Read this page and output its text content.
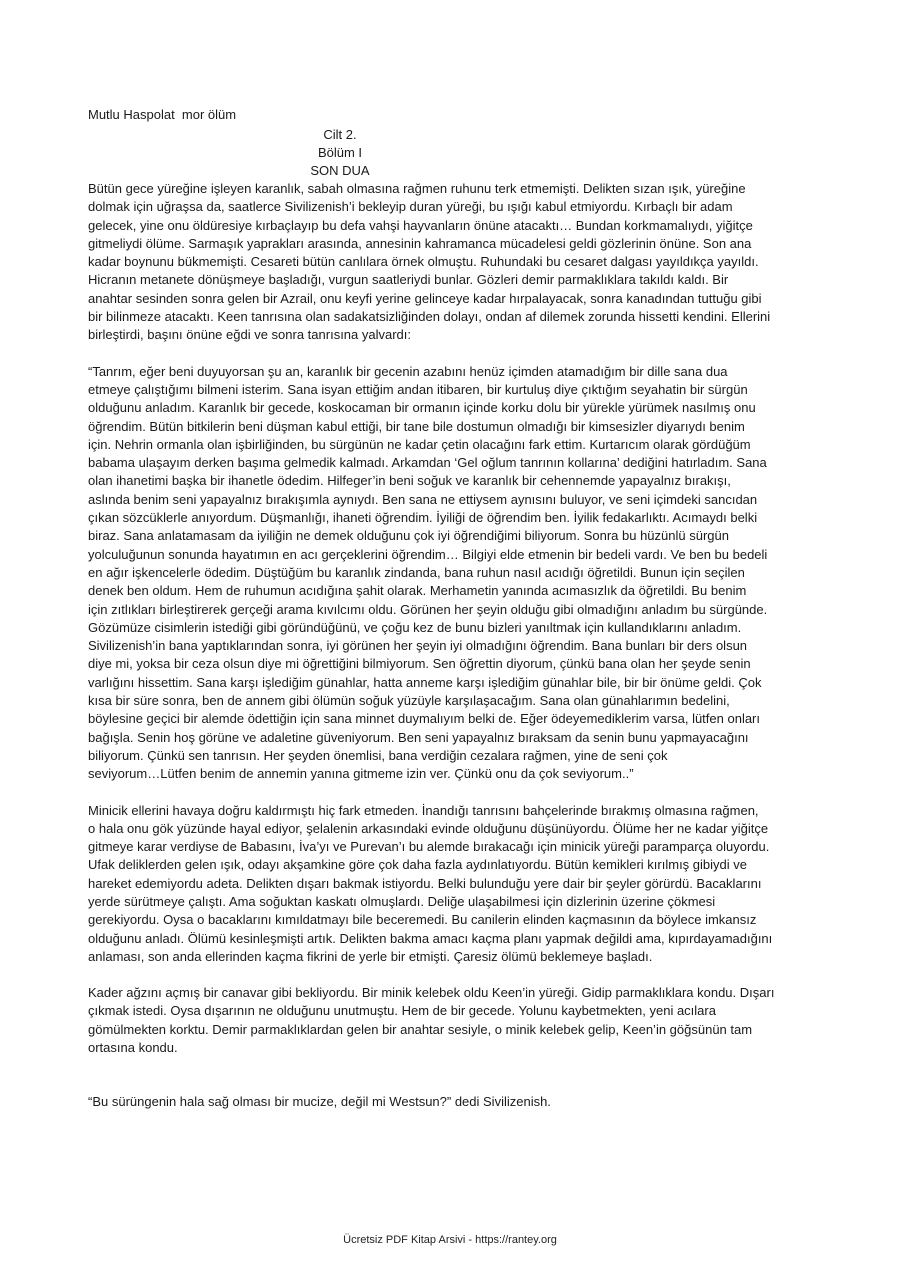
Mutlu Haspolat  mor ölüm
Cilt 2.
Bölüm I
SON DUA

Bütün gece yüreğine işleyen karanlık, sabah olmasına rağmen ruhunu terk etmemişti. Delikten sızan ışık, yüreğine
dolmak için uğraşsa da, saatlerce Sivilizenish’i bekleyip duran yüreği, bu ışığı kabul etmiyordu. Kırbaçlı bir adam
gelecek, yine onu öldüresiye kırbaçlayıp bu defa vahşi hayvanların önüne atacaktı… Bundan korkmamalıydı, yiğitçe
gitmeliydi ölüme. Sarmaşık yaprakları arasında, annesinin kahramanca mücadelesi geldi gözlerinin önüne. Son ana
kadar boynunu bükmemişti. Cesareti bütün canlılara örnek olmuştu. Ruhundaki bu cesaret dalgası yayıldıkça yayıldı.
Hicranın metanete dönüşmeye başladığı, vurgun saatleriydi bunlar. Gözleri demir parmaklıklara takıldı kaldı. Bir
anahtar sesinden sonra gelen bir Azrail, onu keyfi yerine gelinceye kadar hırpalayacak, sonra kanadından tuttuğu gibi
bir bilinmeze atacaktı. Keen tanrısına olan sadakatsizliğinden dolayı, ondan af dilemek zorunda hissetti kendini. Ellerini
birleştirdi, başını önüne eğdi ve sonra tanrısına yalvardı:

“Tanrım, eğer beni duyuyorsan şu an, karanlık bir gecenin azabını henüz içimden atamadığım bir dille sana dua
etmeye çalıştığımı bilmeni isterim. Sana isyan ettiğim andan itibaren, bir kurtuluş diye çıktığım seyahatin bir sürgün
olduğunu anladım. Karanlık bir gecede, koskocaman bir ormanın içinde korku dolu bir yürekle yürümek nasılmış onu
öğrendim. Bütün bitkilerin beni düşman kabul ettiği, bir tane bile dostumun olmadığı bir kimsesizler diyarıydı benim
için. Nehrin ormanla olan işbirliğinden, bu sürgünün ne kadar çetin olacağını fark ettim. Kurtarıcım olarak gördüğüm
babama ulaşayım derken başıma gelmedik kalmadı. Arkamdan ‘Gel oğlum tanrının kollarına’ dediğini hatırladım. Sana
olan ihanetimi başka bir ihanetle ödedim. Hilfeger’in beni soğuk ve karanlık bir cehennemde yapayalnız bırakışı,
aslında benim seni yapayalnız bırakışımla aynıydı. Ben sana ne ettiysem aynısını buluyor, ve seni içimdeki sancıdan
çıkan sözcüklerle anıyordum. Düşmanlığı, ihaneti öğrendim. İyiliği de öğrendim ben. İyilik fedakarlıktı. Acımaydı belki
biraz. Sana anlatamasam da iyiliğin ne demek olduğunu çok iyi öğrendiğimi biliyorum. Sonra bu hüzünlü sürgün
yolculuğunun sonunda hayatımın en acı gerçeklerini öğrendim… Bilgiyi elde etmenin bir bedeli vardı. Ve ben bu bedeli
en ağır işkencelerle ödedim. Düştüğüm bu karanlık zindanda, bana ruhun nasıl acıdığı öğretildi. Bunun için seçilen
denek ben oldum. Hem de ruhumun acıdığına şahit olarak. Merhametin yanında acımasızlık da öğretildi. Bu benim
için zıtlıkları birleştirerek gerçeği arama kıvılcımı oldu. Görünen her şeyin olduğu gibi olmadığını anladım bu sürgünde.
Gözümüze cisimlerin istediği gibi göründüğünü, ve çoğu kez de bunu bizleri yanıltmak için kullandıklarını anladım.
Sivilizenish’in bana yaptıklarından sonra, iyi görünen her şeyin iyi olmadığını öğrendim. Bana bunları bir ders olsun
diye mi, yoksa bir ceza olsun diye mi öğrettiğini bilmiyorum. Sen öğrettin diyorum, çünkü bana olan her şeyde senin
varlığını hissettim. Sana karşı işlediğim günahlar, hatta anneme karşı işlediğim günahlar bile, bir bir önüme geldi. Çok
kısa bir süre sonra, ben de annem gibi ölümün soğuk yüzüyle karşılaşacağım. Sana olan günahlarımın bedelini,
böylesine geçici bir alemde ödettiğin için sana minnet duymalıyım belki de. Eğer ödeyemediklerim varsa, lütfen onları
bağışla. Senin hoş görüne ve adaletine güveniyorum. Ben seni yapayalnız bıraksam da senin bunu yapmayacağını
biliyorum. Çünkü sen tanrısın. Her şeyden önemlisi, bana verdiğin cezalara rağmen, yine de seni çok
seviyorum…Lütfen benim de annemin yanına gitmeme izin ver. Çünkü onu da çok seviyorum..”

Minicik ellerini havaya doğru kaldırmıştı hiç fark etmeden. İnandığı tanrısını bahçelerinde bırakmış olmasına rağmen,
o hala onu gök yüzünde hayal ediyor, şelalenin arkasındaki evinde olduğunu düşünüyordu. Ölüme her ne kadar yiğitçe
gitmeye karar verdiyse de Babasını, İva’yı ve Purevan’ı bu alemde bırakacağı için minicik yüreği paramparça oluyordu.
Ufak deliklerden gelen ışık, odayı akşamkine göre çok daha fazla aydınlatıyordu. Bütün kemikleri kırılmış gibiydi ve
hareket edemiyordu adeta. Delikten dışarı bakmak istiyordu. Belki bulunduğu yere dair bir şeyler görürdü. Bacaklarını
yerde sürütmeye çalıştı. Ama soğuktan kaskatı olmuşlardı. Deliğe ulaşabilmesi için dizlerinin üzerine çökmesi
gerekiyordu. Oysa o bacaklarını kımıldatmayı bile beceremedi. Bu canilerin elinden kaçmasının da böylece imkansız
olduğunu anladı. Ölümü kesinleşmişti artık. Delikten bakma amacı kaçma planı yapmak değildi ama, kıpırdayamadığını
anlaması, son anda ellerinden kaçma fikrini de yerle bir etmişti. Çaresiz ölümü beklemeye başladı.

Kader ağzını açmış bir canavar gibi bekliyordu. Bir minik kelebek oldu Keen’in yüreği. Gidip parmaklıklara kondu. Dışarı
çıkmak istedi. Oysa dışarının ne olduğunu unutmuştu. Hem de bir gecede. Yolunu kaybetmekten, yeni acılara
gömülmekten korktu. Demir parmaklıklardan gelen bir anahtar sesiyle, o minik kelebek gelip, Keen’in göğsünün tam
ortasına kondu.

“Bu sürüngenin hala sağ olması bir mucize, değil mi Westsun?” dedi Sivilizenish.

Ücretsiz PDF Kitap Arsivi - https://rantey.org
